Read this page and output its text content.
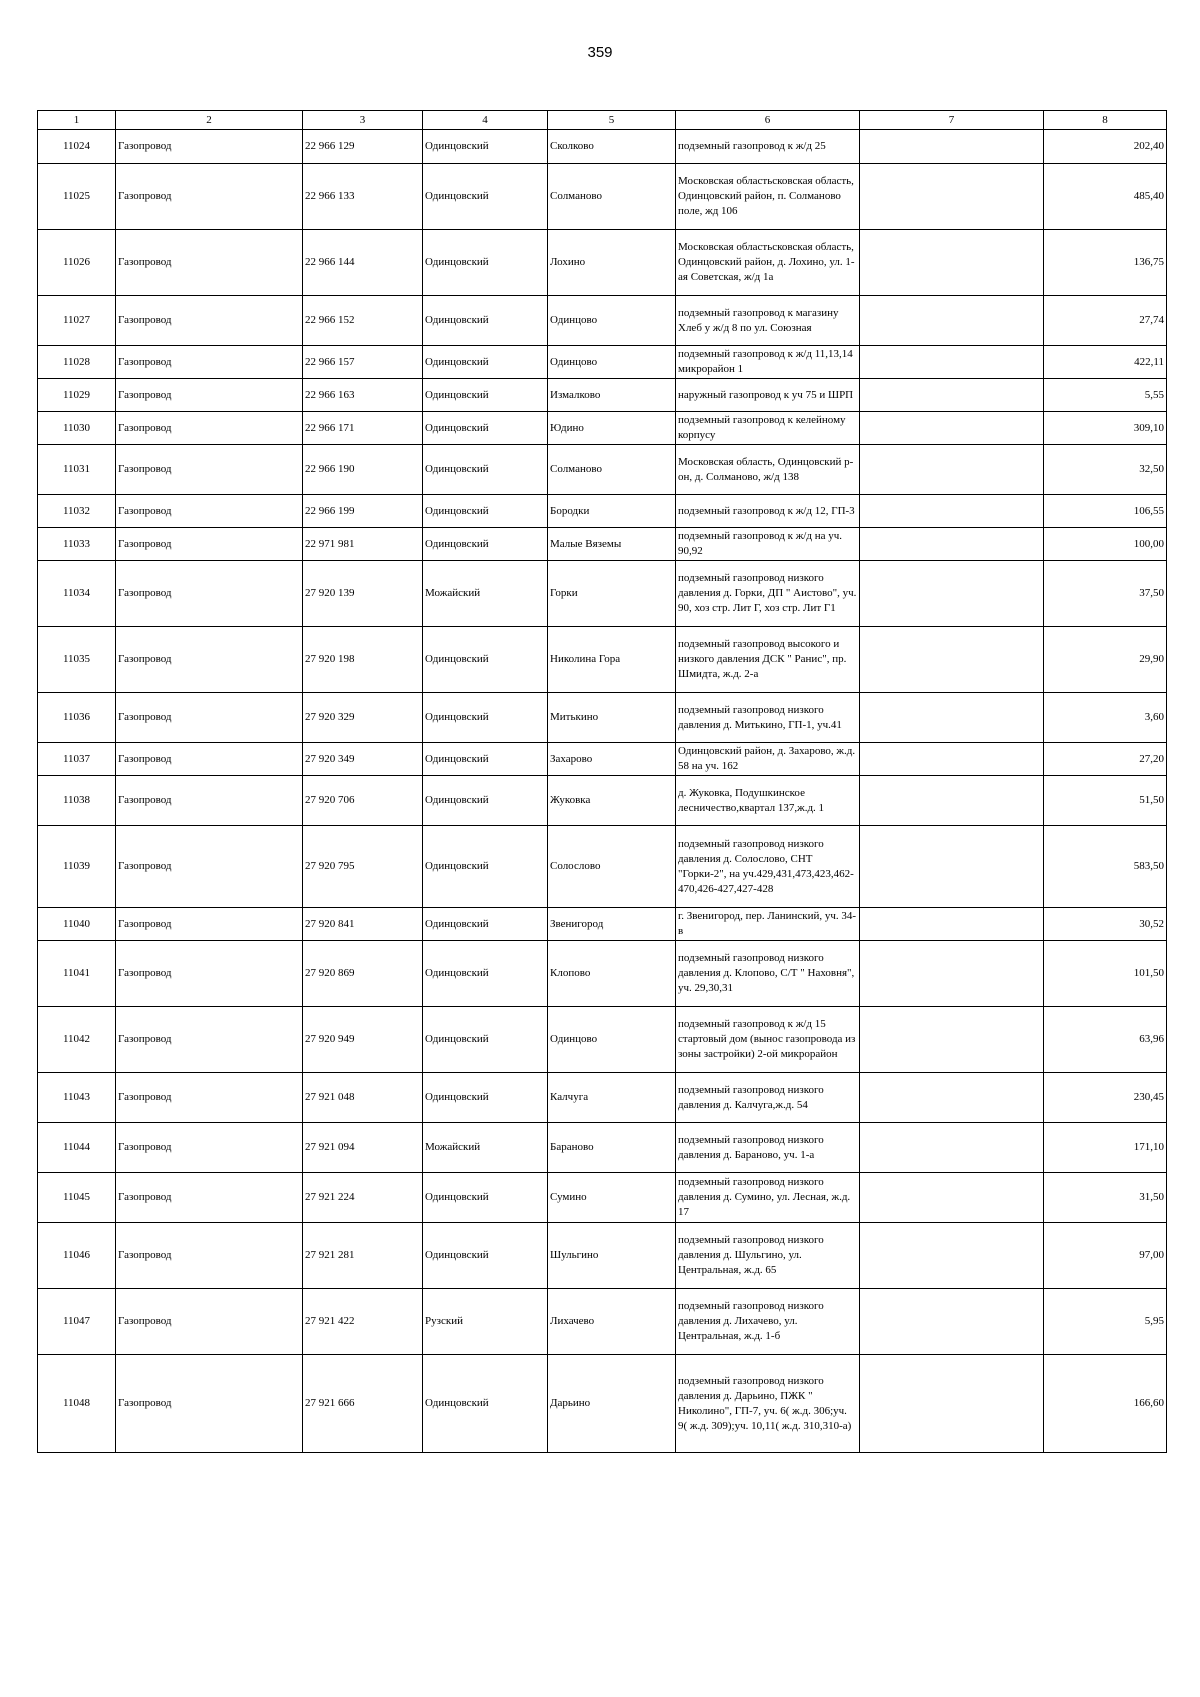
359
1	2	3	4	5	6	7	8
11024	Газопровод	22 966 129	Одинцовский	Сколково	подземный газопровод к ж/д 25		202,40
11025	Газопровод	22 966 133	Одинцовский	Солманово	Московская областьсковская область, Одинцовский район, п. Солманово поле, жд 106		485,40
11026	Газопровод	22 966 144	Одинцовский	Лохино	Московская областьсковская область, Одинцовский район, д. Лохино, ул. 1-ая Советская, ж/д 1а		136,75
11027	Газопровод	22 966 152	Одинцовский	Одинцово	подземный газопровод к магазину Хлеб у ж/д 8 по ул. Союзная		27,74
11028	Газопровод	22 966 157	Одинцовский	Одинцово	подземный газопровод к ж/д 11,13,14 микрорайон 1		422,11
11029	Газопровод	22 966 163	Одинцовский	Измалково	наружный газопровод к уч 75 и ШРП		5,55
11030	Газопровод	22 966 171	Одинцовский	Юдино	подземный газопровод к келейному корпусу		309,10
11031	Газопровод	22 966 190	Одинцовский	Солманово	Московская область, Одинцовский р-он, д. Солманово, ж/д 138		32,50
11032	Газопровод	22 966 199	Одинцовский	Бородки	подземный газопровод к ж/д 12, ГП-3		106,55
11033	Газопровод	22 971 981	Одинцовский	Малые Вяземы	подземный газопровод к ж/д на уч. 90,92		100,00
11034	Газопровод	27 920 139	Можайский	Горки	подземный газопровод низкого давления д. Горки, ДП " Аистово", уч. 90, хоз стр. Лит Г, хоз стр. Лит Г1		37,50
11035	Газопровод	27 920 198	Одинцовский	Николина Гора	подземный газопровод высокого и низкого давления ДСК " Ранис", пр. Шмидта, ж.д. 2-а		29,90
11036	Газопровод	27 920 329	Одинцовский	Митькино	подземный газопровод низкого давления д. Митькино, ГП-1, уч.41		3,60
11037	Газопровод	27 920 349	Одинцовский	Захарово	Одинцовский район, д. Захарово, ж.д. 58 на уч. 162		27,20
11038	Газопровод	27 920 706	Одинцовский	Жуковка	д. Жуковка, Подушкинское лесничество,квартал 137,ж.д. 1		51,50
11039	Газопровод	27 920 795	Одинцовский	Солослово	подземный газопровод низкого давления д. Солослово, СНТ "Горки-2", на уч.429,431,473,423,462-470,426-427,427-428		583,50
11040	Газопровод	27 920 841	Одинцовский	Звенигород	г. Звенигород, пер. Ланинский, уч. 34-в		30,52
11041	Газопровод	27 920 869	Одинцовский	Клопово	подземный газопровод низкого давления д. Клопово, С/Т " Наховня", уч. 29,30,31		101,50
11042	Газопровод	27 920 949	Одинцовский	Одинцово	подземный газопровод к ж/д 15 стартовый дом (вынос газопровода из зоны застройки) 2-ой микрорайон		63,96
11043	Газопровод	27 921 048	Одинцовский	Калчуга	подземный газопровод низкого давления д. Калчуга,ж.д. 54		230,45
11044	Газопровод	27 921 094	Можайский	Бараново	подземный газопровод низкого давления д. Бараново, уч. 1-а		171,10
11045	Газопровод	27 921 224	Одинцовский	Сумино	подземный газопровод низкого давления д. Сумино, ул. Лесная, ж.д. 17		31,50
11046	Газопровод	27 921 281	Одинцовский	Шульгино	подземный газопровод низкого давления д. Шульгино, ул. Центральная, ж.д. 65		97,00
11047	Газопровод	27 921 422	Рузский	Лихачево	подземный газопровод низкого давления д. Лихачево, ул. Центральная, ж.д. 1-б		5,95
11048	Газопровод	27 921 666	Одинцовский	Дарьино	подземный газопровод низкого давления д. Дарьино, ПЖК " Николино", ГП-7, уч. 6( ж.д. 306;уч. 9( ж.д. 309);уч. 10,11( ж.д. 310,310-а)		166,60
